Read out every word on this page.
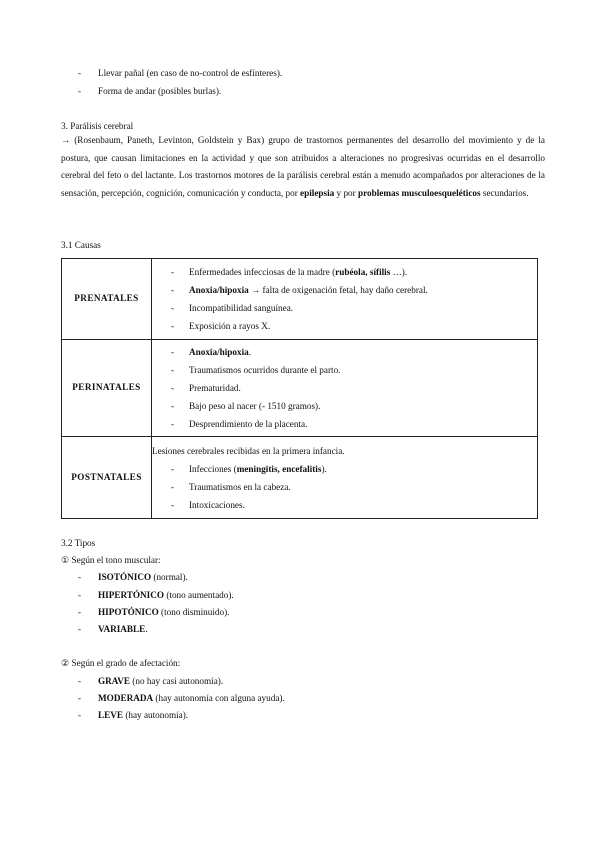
- Llevar pañal (en caso de no-control de esfínteres).
- Forma de andar (posibles burlas).
3. Parálisis cerebral
→ (Rosenbaum, Paneth, Levinton, Goldstein y Bax) grupo de trastornos permanentes del desarrollo del movimiento y de la postura, que causan limitaciones en la actividad y que son atribuidos a alteraciones no progresivas ocurridas en el desarrollo cerebral del feto o del lactante. Los trastornos motores de la parálisis cerebral están a menudo acompañados por alteraciones de la sensación, percepción, cognición, comunicación y conducta, por epilepsia y por problemas musculoesqueléticos secundarios.
3.1 Causas
PRENATALES	- Enfermedades infecciosas de la madre (rubéola, sífilis …).
- Anoxia/hipoxia → falta de oxigenación fetal, hay daño cerebral.
- Incompatibilidad sanguínea.
- Exposición a rayos X.

PERINATALES	- Anoxia/hipoxia.
- Traumatismos ocurridos durante el parto.
- Prematuridad.
- Bajo peso al nacer (- 1510 gramos).
- Desprendimiento de la placenta.

POSTNATALES	Lesiones cerebrales recibidas en la primera infancia.
- Infecciones (meningitis, encefalitis).
- Traumatismos en la cabeza.
- Intoxicaciones.
3.2 Tipos
① Según el tono muscular:
- ISOTÓNICO (normal).
- HIPERTÓNICO (tono aumentado).
- HIPOTÓNICO (tono disminuido).
- VARIABLE.
② Según el grado de afectación:
- GRAVE (no hay casi autonomía).
- MODERADA (hay autonomía con alguna ayuda).
- LEVE (hay autonomía).
